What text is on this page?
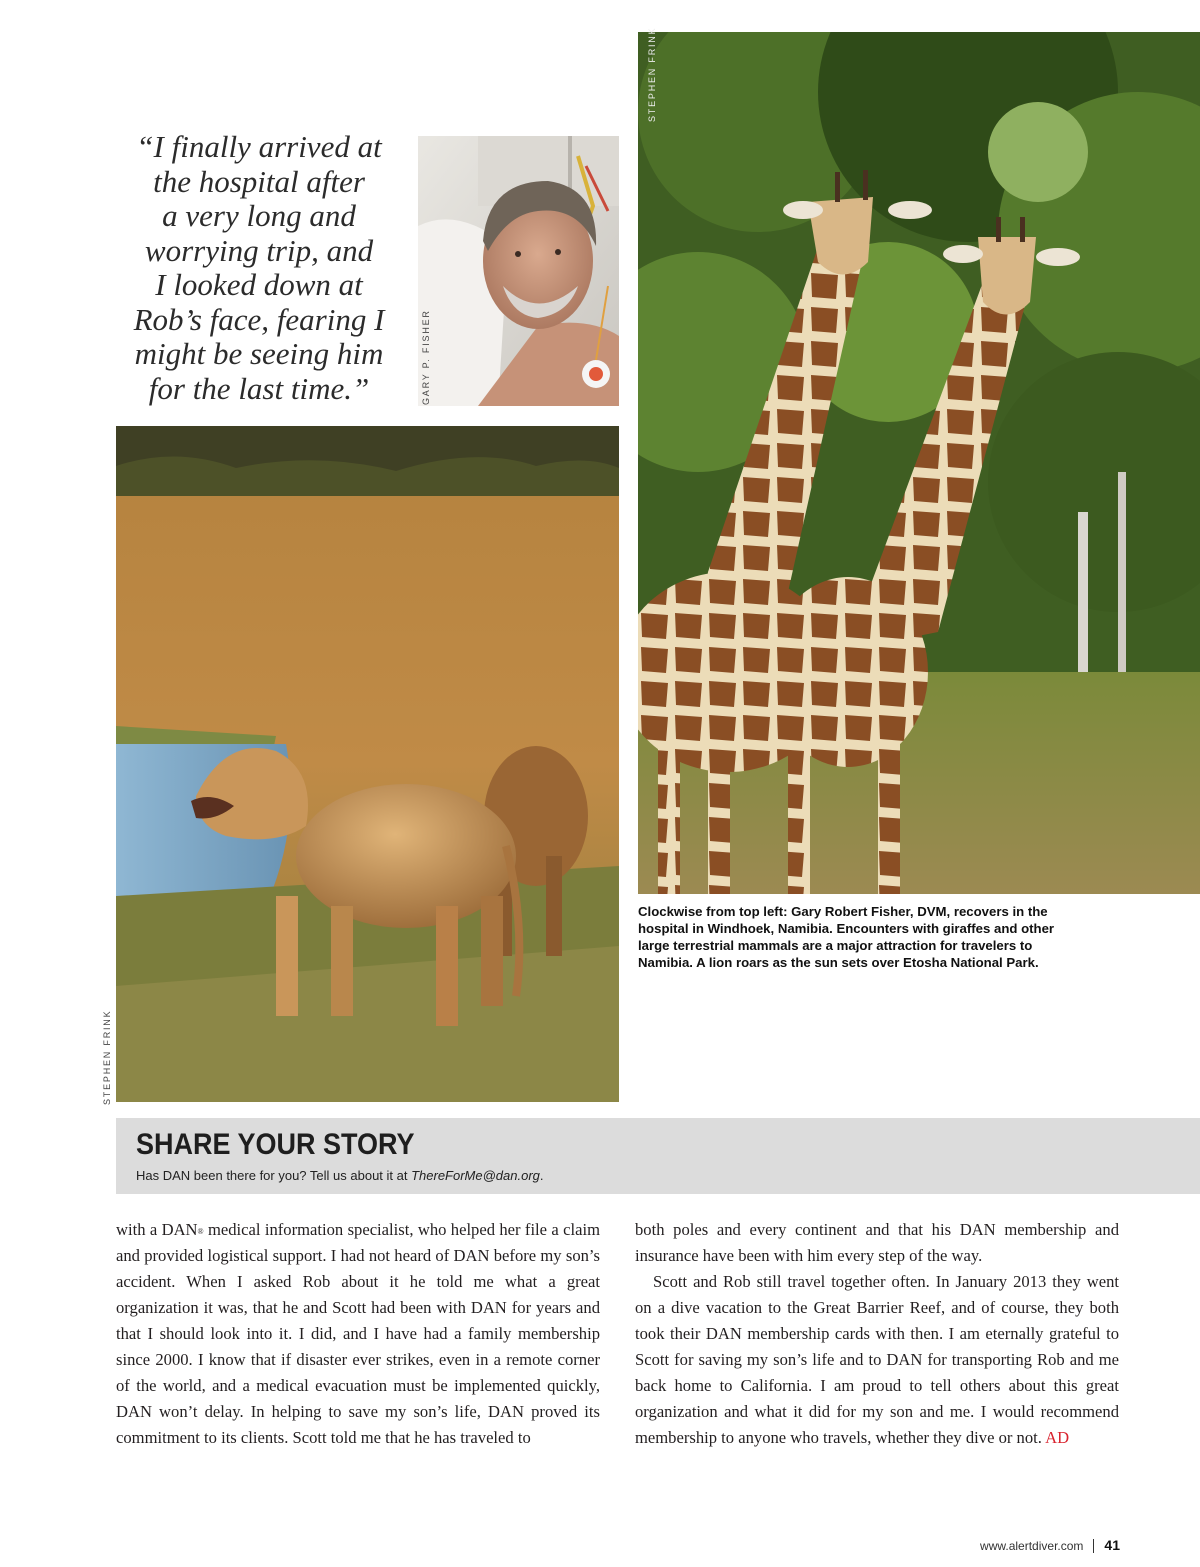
“I finally arrived at

the hospital after

a very long and

worrying trip, and

I looked down at

Rob’s face, fearing I

might be seeing him

for the last time.”	GARY P. FISHER
STEPHEN FRINK
STEPHEN FRINK
Clockwise from top left: Gary Robert Fisher, DVM, recovers in the hospital in Windhoek, Namibia. Encounters with giraffes and other large terrestrial mammals are a major attraction for travelers to Namibia. A lion roars as the sun sets over Etosha National Park.
SHARE YOUR STORY
Has DAN been there for you? Tell us about it at ThereForMe@dan.org.

with a DAN® medical information specialist, who helped her file a claim and provided logistical support. I had not heard of DAN before my son’s accident. When I asked Rob about it he told me what a great organization it was, that he and Scott had been with DAN for years and that I should look into it. I did, and I have had a family membership since 2000. I know that if disaster ever strikes, even in a remote corner of the world, and a medical evacuation must be implemented quickly, DAN won’t delay. In helping to save my son’s life, DAN proved its commitment to its clients. Scott told me that he has traveled to

both poles and every continent and that his DAN membership and insurance have been with him every step of the way.

Scott and Rob still travel together often. In January 2013 they went on a dive vacation to the Great Barrier Reef, and of course, they both took their DAN membership cards with then. I am eternally grateful to Scott for saving my son’s life and to DAN for transporting Rob and me back home to California. I am proud to tell others about this great organization and what it did for my son and me. I would recommend membership to anyone who travels, whether they dive or not. AD

www.alertdiver.com 41
